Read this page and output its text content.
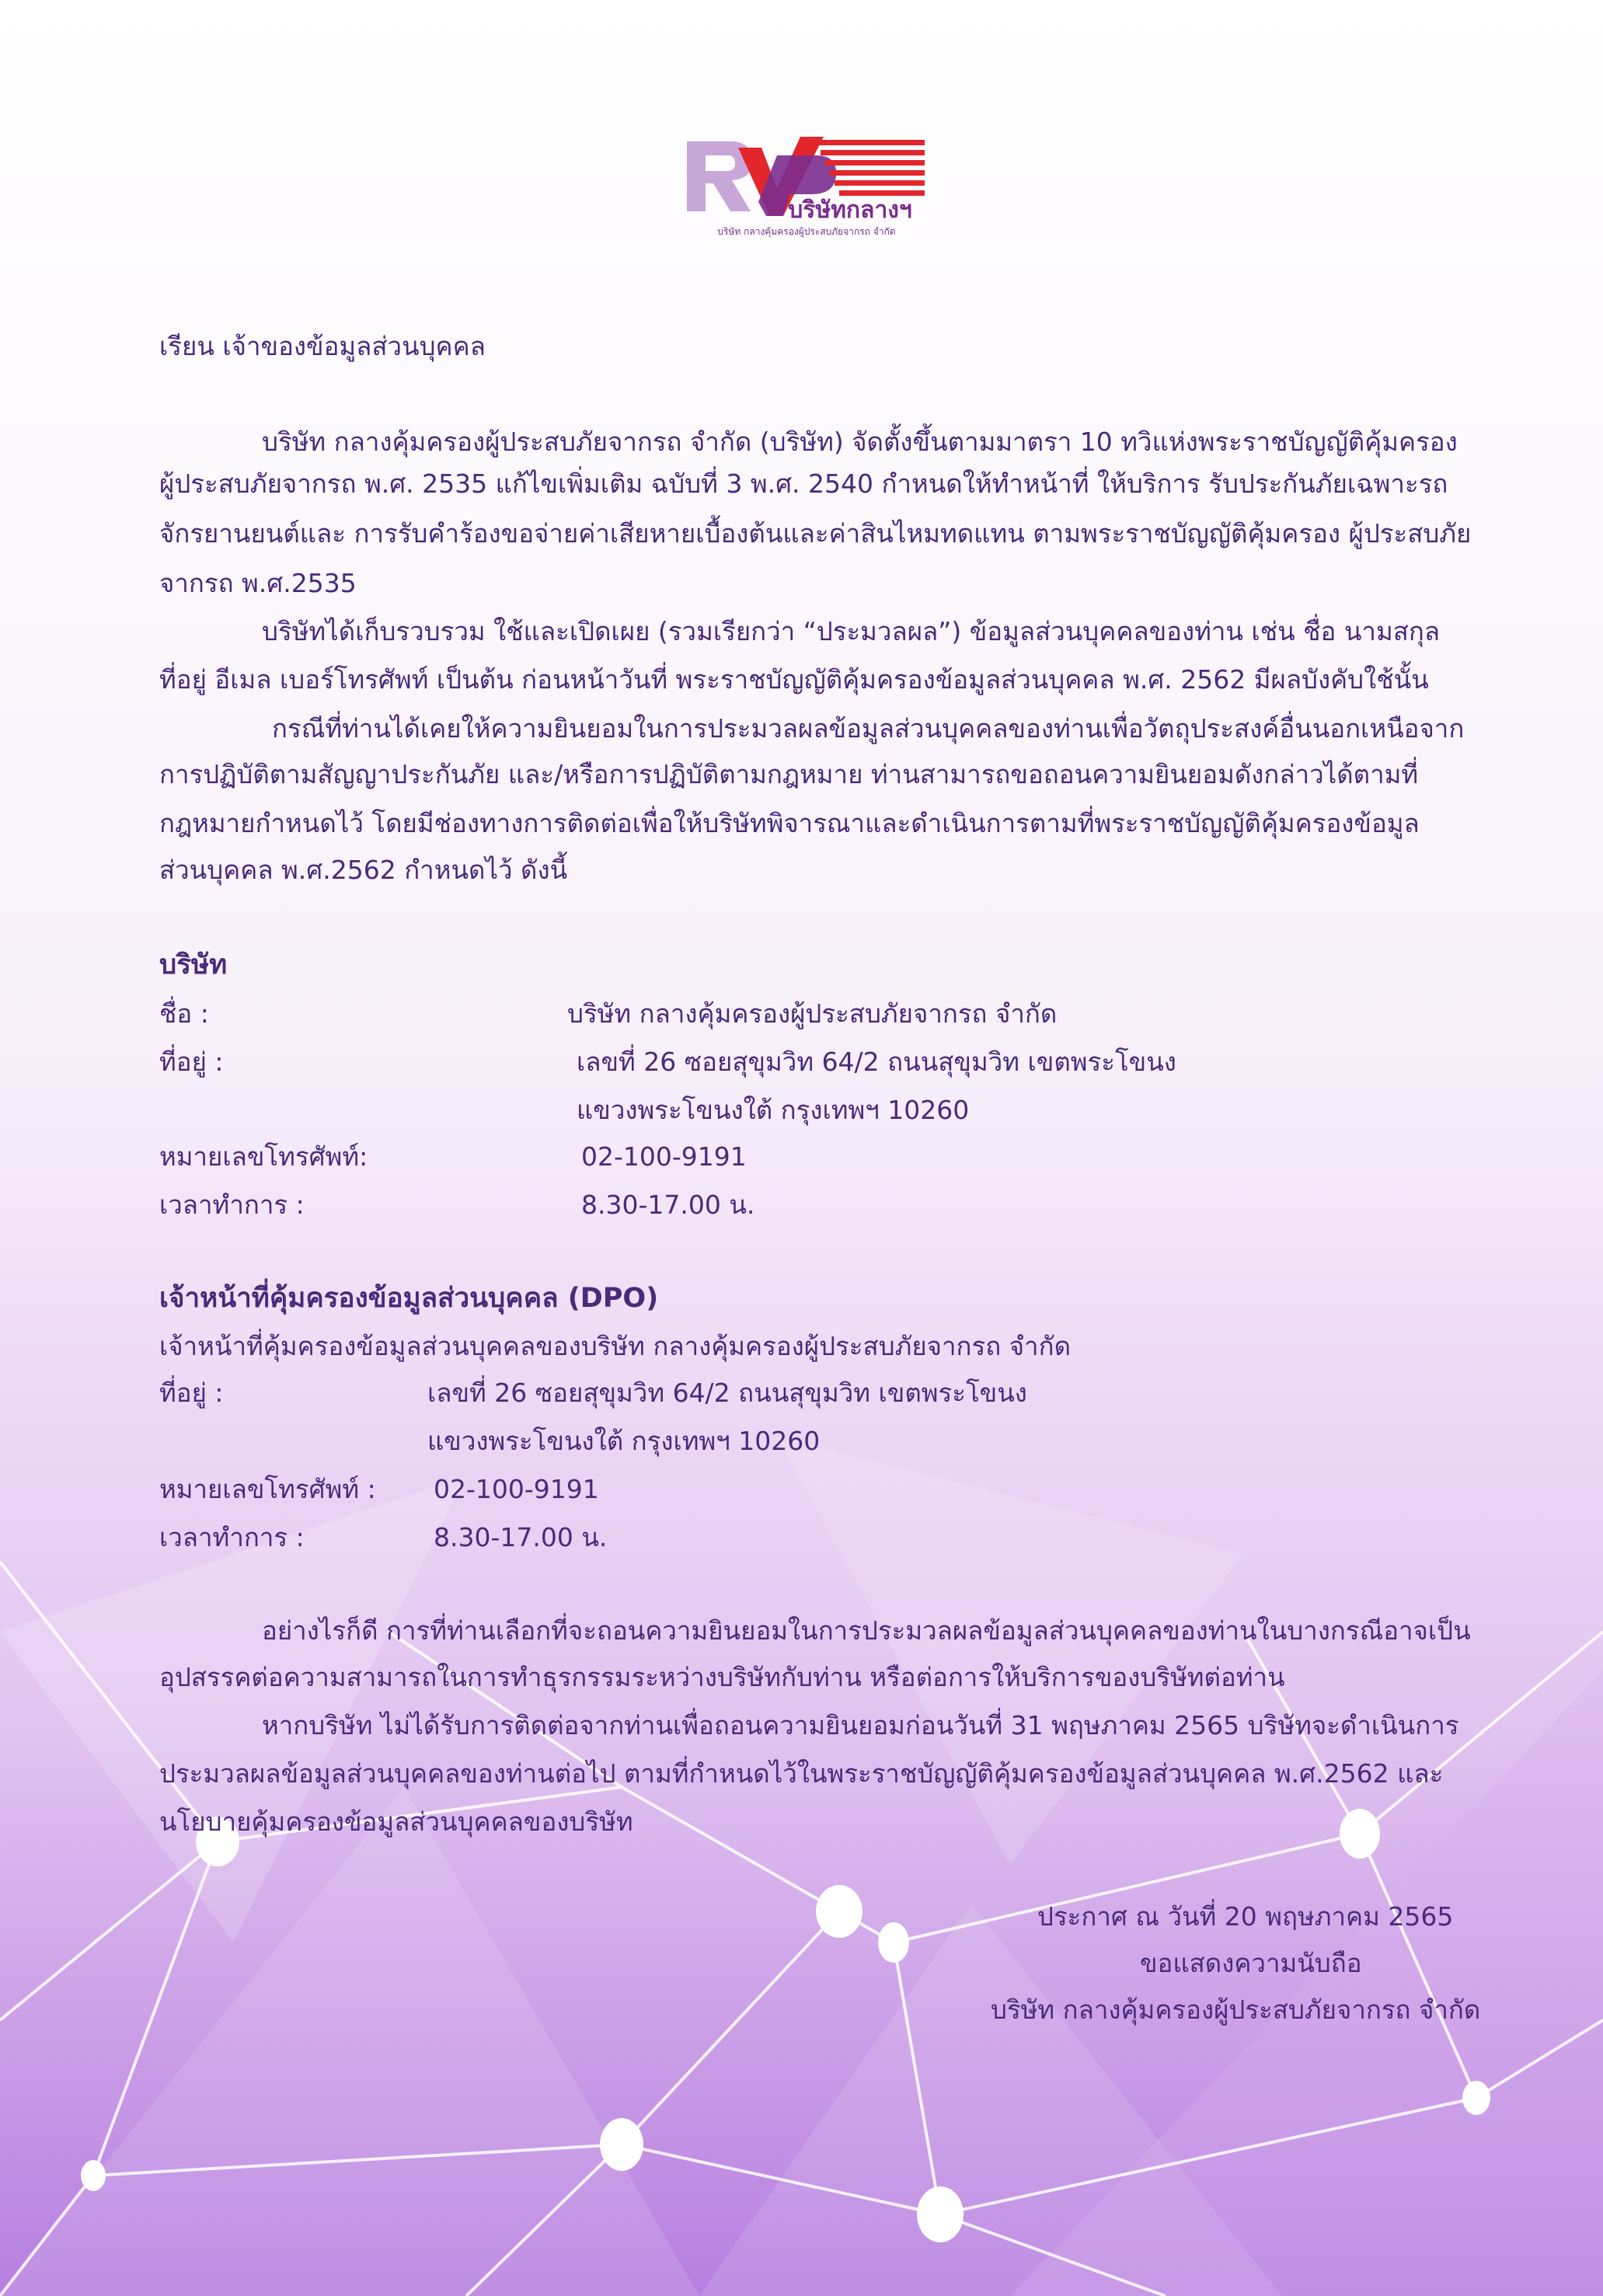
บริษัทกลางฯ
บริษัท กลางคุ้มครองผู้ประสบภัยจากรถ จำกัด
เรียน เจ้าของข้อมูลส่วนบุคคล
บริษัท กลางคุ้มครองผู้ประสบภัยจากรถ จำกัด (บริษัท) จัดตั้งขึ้นตามมาตรา 10 ทวิแห่งพระราชบัญญัติคุ้มครอง
ผู้ประสบภัยจากรถ พ.ศ. 2535 แก้ไขเพิ่มเติม ฉบับที่ 3 พ.ศ. 2540 กำหนดให้ทำหน้าที่ ให้บริการ รับประกันภัยเฉพาะรถ
จักรยานยนต์และ การรับคำร้องขอจ่ายค่าเสียหายเบื้องต้นและค่าสินไหมทดแทน ตามพระราชบัญญัติคุ้มครอง ผู้ประสบภัย
จากรถ พ.ศ.2535
บริษัทได้เก็บรวบรวม ใช้และเปิดเผย (รวมเรียกว่า “ประมวลผล”) ข้อมูลส่วนบุคคลของท่าน เช่น ชื่อ นามสกุล
ที่อยู่ อีเมล เบอร์โทรศัพท์ เป็นต้น ก่อนหน้าวันที่ พระราชบัญญัติคุ้มครองข้อมูลส่วนบุคคล พ.ศ. 2562 มีผลบังคับใช้นั้น
กรณีที่ท่านได้เคยให้ความยินยอมในการประมวลผลข้อมูลส่วนบุคคลของท่านเพื่อวัตถุประสงค์อื่นนอกเหนือจาก
การปฏิบัติตามสัญญาประกันภัย และ/หรือการปฏิบัติตามกฎหมาย ท่านสามารถขอถอนความยินยอมดังกล่าวได้ตามที่
กฎหมายกำหนดไว้ โดยมีช่องทางการติดต่อเพื่อให้บริษัทพิจารณาและดำเนินการตามที่พระราชบัญญัติคุ้มครองข้อมูล
ส่วนบุคคล พ.ศ.2562 กำหนดไว้ ดังนี้
บริษัท
ชื่อ :	บริษัท กลางคุ้มครองผู้ประสบภัยจากรถ จำกัด
ที่อยู่ :	เลขที่ 26 ซอยสุขุมวิท 64/2 ถนนสุขุมวิท เขตพระโขนง
แขวงพระโขนงใต้ กรุงเทพฯ 10260
หมายเลขโทรศัพท์:	02-100-9191
เวลาทำการ :	8.30-17.00 น.
เจ้าหน้าที่คุ้มครองข้อมูลส่วนบุคคล (DPO)
เจ้าหน้าที่คุ้มครองข้อมูลส่วนบุคคลของบริษัท กลางคุ้มครองผู้ประสบภัยจากรถ จำกัด
ที่อยู่ :	เลขที่ 26 ซอยสุขุมวิท 64/2 ถนนสุขุมวิท เขตพระโขนง
แขวงพระโขนงใต้ กรุงเทพฯ 10260
หมายเลขโทรศัพท์ : 02-100-9191
เวลาทำการ :	8.30-17.00 น.
อย่างไรก็ดี การที่ท่านเลือกที่จะถอนความยินยอมในการประมวลผลข้อมูลส่วนบุคคลของท่านในบางกรณีอาจเป็น
อุปสรรคต่อความสามารถในการทำธุรกรรมระหว่างบริษัทกับท่าน หรือต่อการให้บริการของบริษัทต่อท่าน
หากบริษัท ไม่ได้รับการติดต่อจากท่านเพื่อถอนความยินยอมก่อนวันที่ 31 พฤษภาคม 2565 บริษัทจะดำเนินการ
ประมวลผลข้อมูลส่วนบุคคลของท่านต่อไป ตามที่กำหนดไว้ในพระราชบัญญัติคุ้มครองข้อมูลส่วนบุคคล พ.ศ.2562 และ
นโยบายคุ้มครองข้อมูลส่วนบุคคลของบริษัท
ประกาศ ณ วันที่ 20 พฤษภาคม 2565
ขอแสดงความนับถือ
บริษัท กลางคุ้มครองผู้ประสบภัยจากรถ จำกัด
